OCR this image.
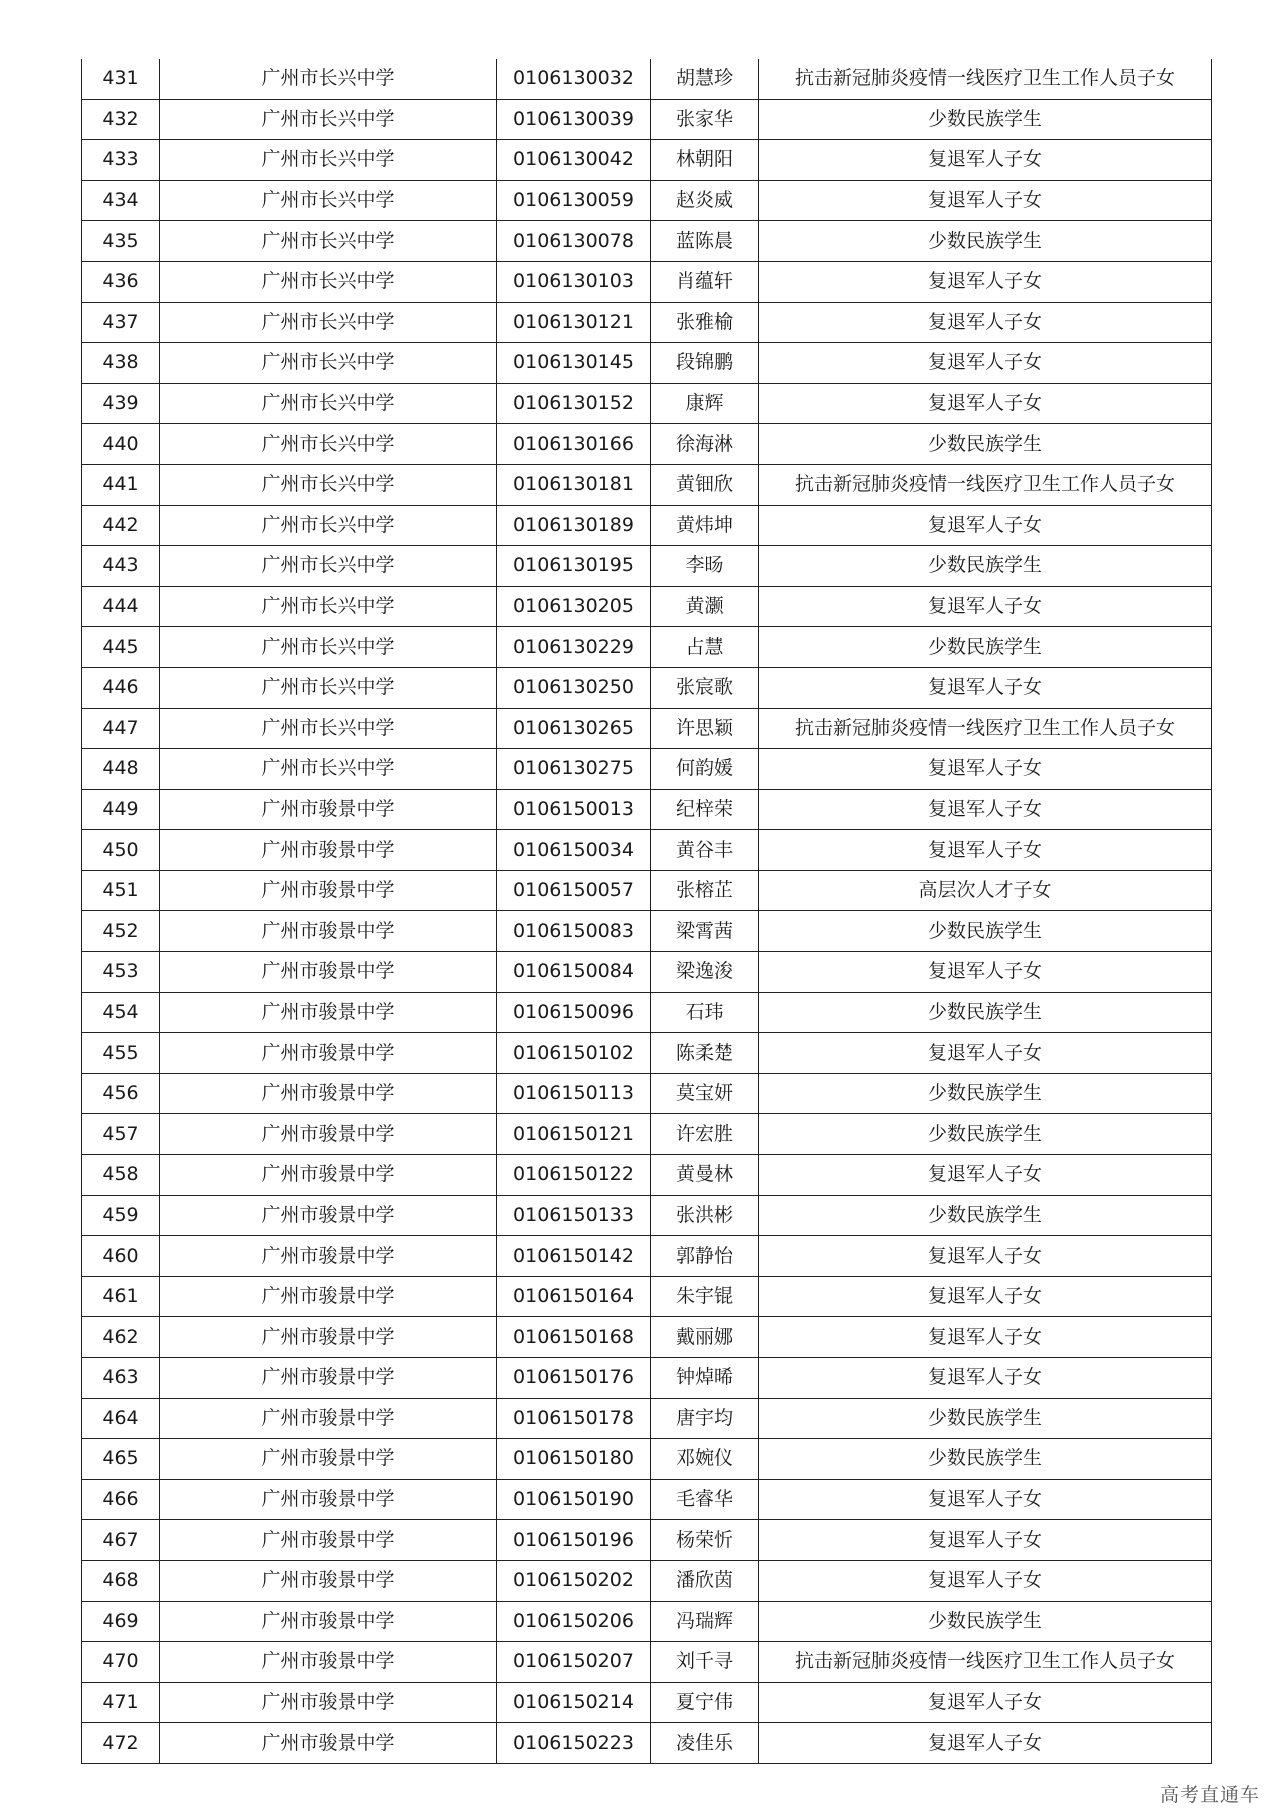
431	广州市长兴中学	0106130032	胡慧珍	抗击新冠肺炎疫情一线医疗卫生工作人员子女
432	广州市长兴中学	0106130039	张家华	少数民族学生
433	广州市长兴中学	0106130042	林朝阳	复退军人子女
434	广州市长兴中学	0106130059	赵炎威	复退军人子女
435	广州市长兴中学	0106130078	蓝陈晨	少数民族学生
436	广州市长兴中学	0106130103	肖蕴轩	复退军人子女
437	广州市长兴中学	0106130121	张雅榆	复退军人子女
438	广州市长兴中学	0106130145	段锦鹏	复退军人子女
439	广州市长兴中学	0106130152	康辉	复退军人子女
440	广州市长兴中学	0106130166	徐海淋	少数民族学生
441	广州市长兴中学	0106130181	黄钿欣	抗击新冠肺炎疫情一线医疗卫生工作人员子女
442	广州市长兴中学	0106130189	黄炜坤	复退军人子女
443	广州市长兴中学	0106130195	李旸	少数民族学生
444	广州市长兴中学	0106130205	黄灏	复退军人子女
445	广州市长兴中学	0106130229	占慧	少数民族学生
446	广州市长兴中学	0106130250	张宸歌	复退军人子女
447	广州市长兴中学	0106130265	许思颖	抗击新冠肺炎疫情一线医疗卫生工作人员子女
448	广州市长兴中学	0106130275	何韵媛	复退军人子女
449	广州市骏景中学	0106150013	纪梓荣	复退军人子女
450	广州市骏景中学	0106150034	黄谷丰	复退军人子女
451	广州市骏景中学	0106150057	张榕芷	高层次人才子女
452	广州市骏景中学	0106150083	梁霄茜	少数民族学生
453	广州市骏景中学	0106150084	梁逸浚	复退军人子女
454	广州市骏景中学	0106150096	石玮	少数民族学生
455	广州市骏景中学	0106150102	陈柔楚	复退军人子女
456	广州市骏景中学	0106150113	莫宝妍	少数民族学生
457	广州市骏景中学	0106150121	许宏胜	少数民族学生
458	广州市骏景中学	0106150122	黄曼林	复退军人子女
459	广州市骏景中学	0106150133	张洪彬	少数民族学生
460	广州市骏景中学	0106150142	郭静怡	复退军人子女
461	广州市骏景中学	0106150164	朱宇锟	复退军人子女
462	广州市骏景中学	0106150168	戴丽娜	复退军人子女
463	广州市骏景中学	0106150176	钟焯晞	复退军人子女
464	广州市骏景中学	0106150178	唐宇均	少数民族学生
465	广州市骏景中学	0106150180	邓婉仪	少数民族学生
466	广州市骏景中学	0106150190	毛睿华	复退军人子女
467	广州市骏景中学	0106150196	杨荣忻	复退军人子女
468	广州市骏景中学	0106150202	潘欣茵	复退军人子女
469	广州市骏景中学	0106150206	冯瑞辉	少数民族学生
470	广州市骏景中学	0106150207	刘千寻	抗击新冠肺炎疫情一线医疗卫生工作人员子女
471	广州市骏景中学	0106150214	夏宁伟	复退军人子女
472	广州市骏景中学	0106150223	凌佳乐	复退军人子女
高考直通车
